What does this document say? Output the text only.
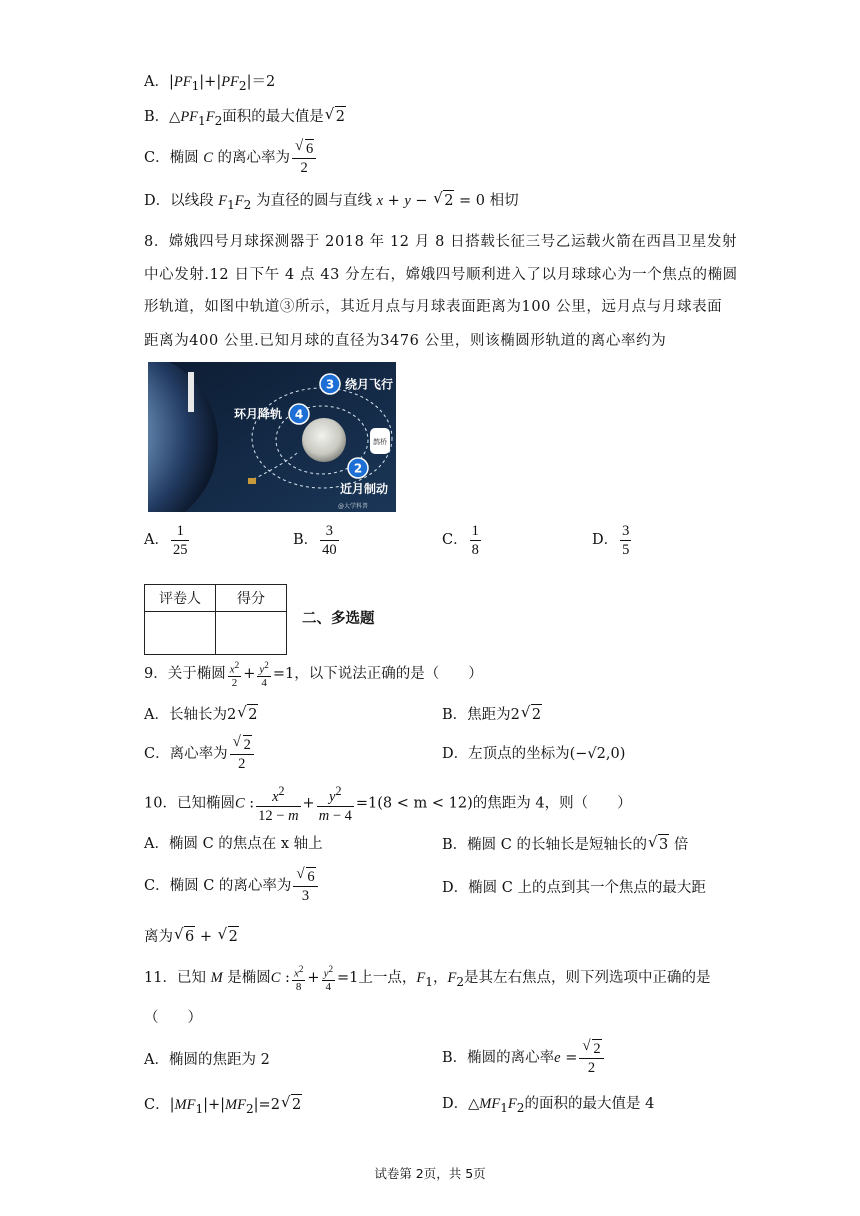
A．$|PF_1|+|PF_2|=2$
B．$\triangle PF_1F_2$面积的最大值是 √ 2
C．椭圆 C 的离心率为 √ $\frac{6}{2}$
D．以线段 $F_1F_2$ 为直径的圆与直线 x + y − √ 2 = 0 相切
8．嫦娥四号月球探测器于 2018 年 12 月 8 日搭载长征三号乙运载火箭在西昌卫星发射
中心发射.12 日下午 4 点 43 分左右，嫦娥四号顺利进入了以月球球心为一个焦点的椭圆
形轨道，如图中轨道③所示，其近月点与月球表面距离为100 公里，远月点与月球表面
距离为400 公里.已知月球的直径为3476 公里，则该椭圆形轨道的离心率约为
3 绕月飞行
环月降轨 4
2
近月制动
鹊桥
@大学科普
A． $\frac{1}{25}$	B． $\frac{3}{40}$	C． $\frac{1}{8}$	D． $\frac{3}{5}$
评卷人	得分

二、多选题
9．关于椭圆 $\frac{x^2}{2} + \frac{y^2}{4} =1$，以下说法正确的是（　　）
A．长轴长为2 √ 2	B．焦距为2 √ 2
C．离心率为 √ $\frac{2}{2}$	D．左顶点的坐标为(−√2,0)
10．已知椭圆C : $\frac{x^2}{12 - m} + \frac{y^2}{m - 4} =1(8 < m < 12)$的焦距为 4，则（　　）
A．椭圆 C 的焦点在 x 轴上	B．椭圆 C 的长轴长是短轴长的 √ 3 倍
C．椭圆 C 的离心率为 √ $\frac{6}{3}$	D．椭圆 C 上的点到其一个焦点的最大距
离为 √ 6 + √ 2
11．已知 M 是椭圆C : $\frac{x^2}{8} + \frac{y^2}{4} =1$上一点，$F_1$，$F_2$是其左右焦点，则下列选项中正确的是
（　　）
A．椭圆的焦距为 2	B．椭圆的离心率e = √ $\frac{2}{2}$
C．$|MF_1|+|MF_2|=2$ √ 2	D．$\triangle MF_1F_2$的面积的最大值是 4
试卷第 2页，共 5页
